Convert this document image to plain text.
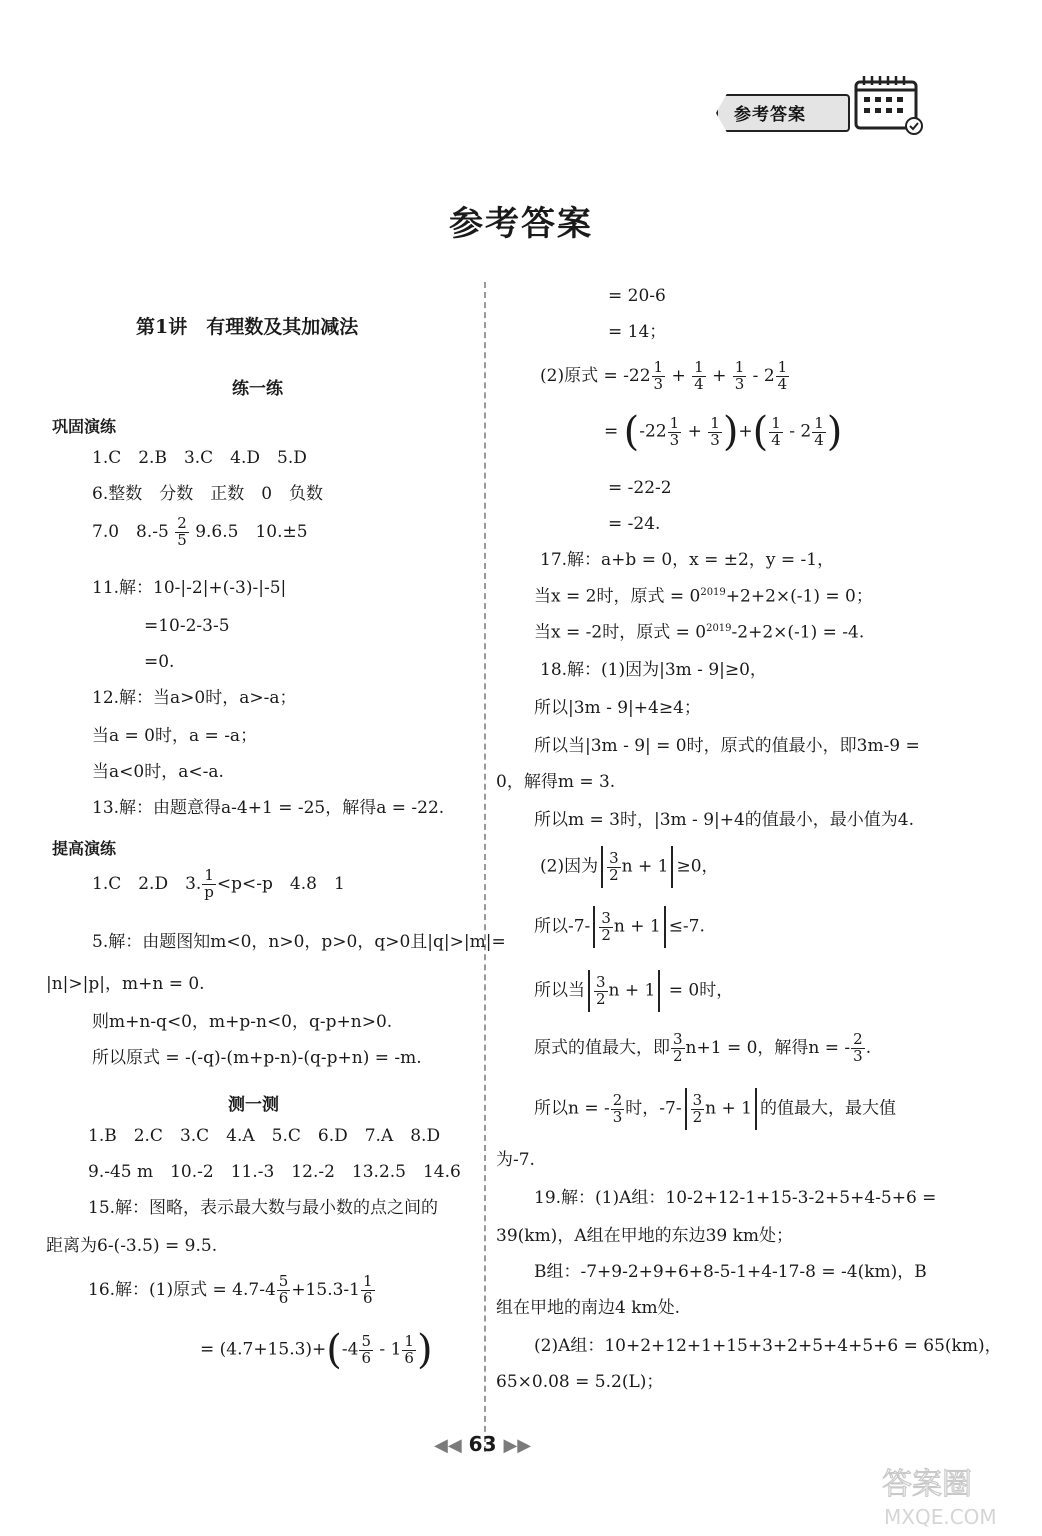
参考答案
参考答案
第1讲　有理数及其加减法
练一练
巩固演练
1.C　2.B　3.C　4.D　5.D
6.整数　分数　正数　0　负数
7.0　$8.-5 \frac{2}{5} 9.6.5$　10.±5
11.解：10-|-2|+(-3)-|-5|
=10-2-3-5
=0.
12.解：当a>0时，a>-a；
当a = 0时，a = -a；
当a<0时，a<-a.
13.解：由题意得a-4+1 = -25，解得a = -22.
提高演练
1.C　2.D　3. $\frac{1}{p} <p<-p$　4.8　1
5.解：由题图知m<0，n>0，p>0，q>0且|q|>|m|=
|n|>|p|，m+n = 0.
则m+n-q<0，m+p-n<0，q-p+n>0.
所以原式 = -(-q)-(m+p-n)-(q-p+n) = -m.
测一测
1.B　2.C　3.C　4.A　5.C　6.D　7.A　8.D
9.-45 m　10.-2　11.-3　12.-2　13.2.5　14.6
15.解：图略，表示最大数与最小数的点之间的
距离为6-(-3.5) = 9.5.
16.解：(1)原式 = $4.7-4 \frac{5}{6} +15.3-1 \frac{1}{6}$
= $(4.7+15.3)+(-4 \frac{5}{6} - 1 \frac{1}{6}$ )
= 20-6
= 14；
(2)原式 = $-22 \frac{1}{3} + \frac{1}{4} + \frac{1}{3} - 2 \frac{1}{4}$
= ($-22 \frac{1}{3} + \frac{1}{3}$ )+( $\frac{1}{4} - 2 \frac{1}{4}$ )
= -22-2
= -24.
17.解：a+b = 0，x = ±2，y = -1，
当x = 2时，原式 = $0^{2019}+2+2\times(-1) = 0$；
当x = -2时，原式 = $0^{2019}-2+2\times(-1) = -4$.
18.解：(1)因为|3m - 9|≥0，
所以|3m - 9|+4≥4；
所以当|3m - 9| = 0时，原式的值最小，即3m-9 =
0，解得m = 3.
所以m = 3时，|3m - 9|+4的值最小，最小值为4.
(2)因为 $\frac{3}{2}$ n + 1 ≥0，
所以$-7- \frac{3}{2}$ n + 1 ≤-7.
所以当 $\frac{3}{2}$ n + 1 = 0时，
原式的值最大，即 $\frac{3}{2} n+1 = 0$，解得n = - $\frac{2}{3}$ .
所以n = - $\frac{2}{3}$ 时，$-7- \frac{3}{2}$ n + 1 的值最大，最大值
为-7.
19.解：(1)A组：10-2+12-1+15-3-2+5+4-5+6 =
39(km)，A组在甲地的东边39 km处；
B组：-7+9-2+9+6+8-5-1+4-17-8 = -4(km)，B
组在甲地的南边4 km处.
(2)A组：10+2+12+1+15+3+2+5+4+5+6 = 65(km)，
65×0.08 = 5.2(L)；
◀◀ 63 ▶▶
答案圈
MXQE.COM
